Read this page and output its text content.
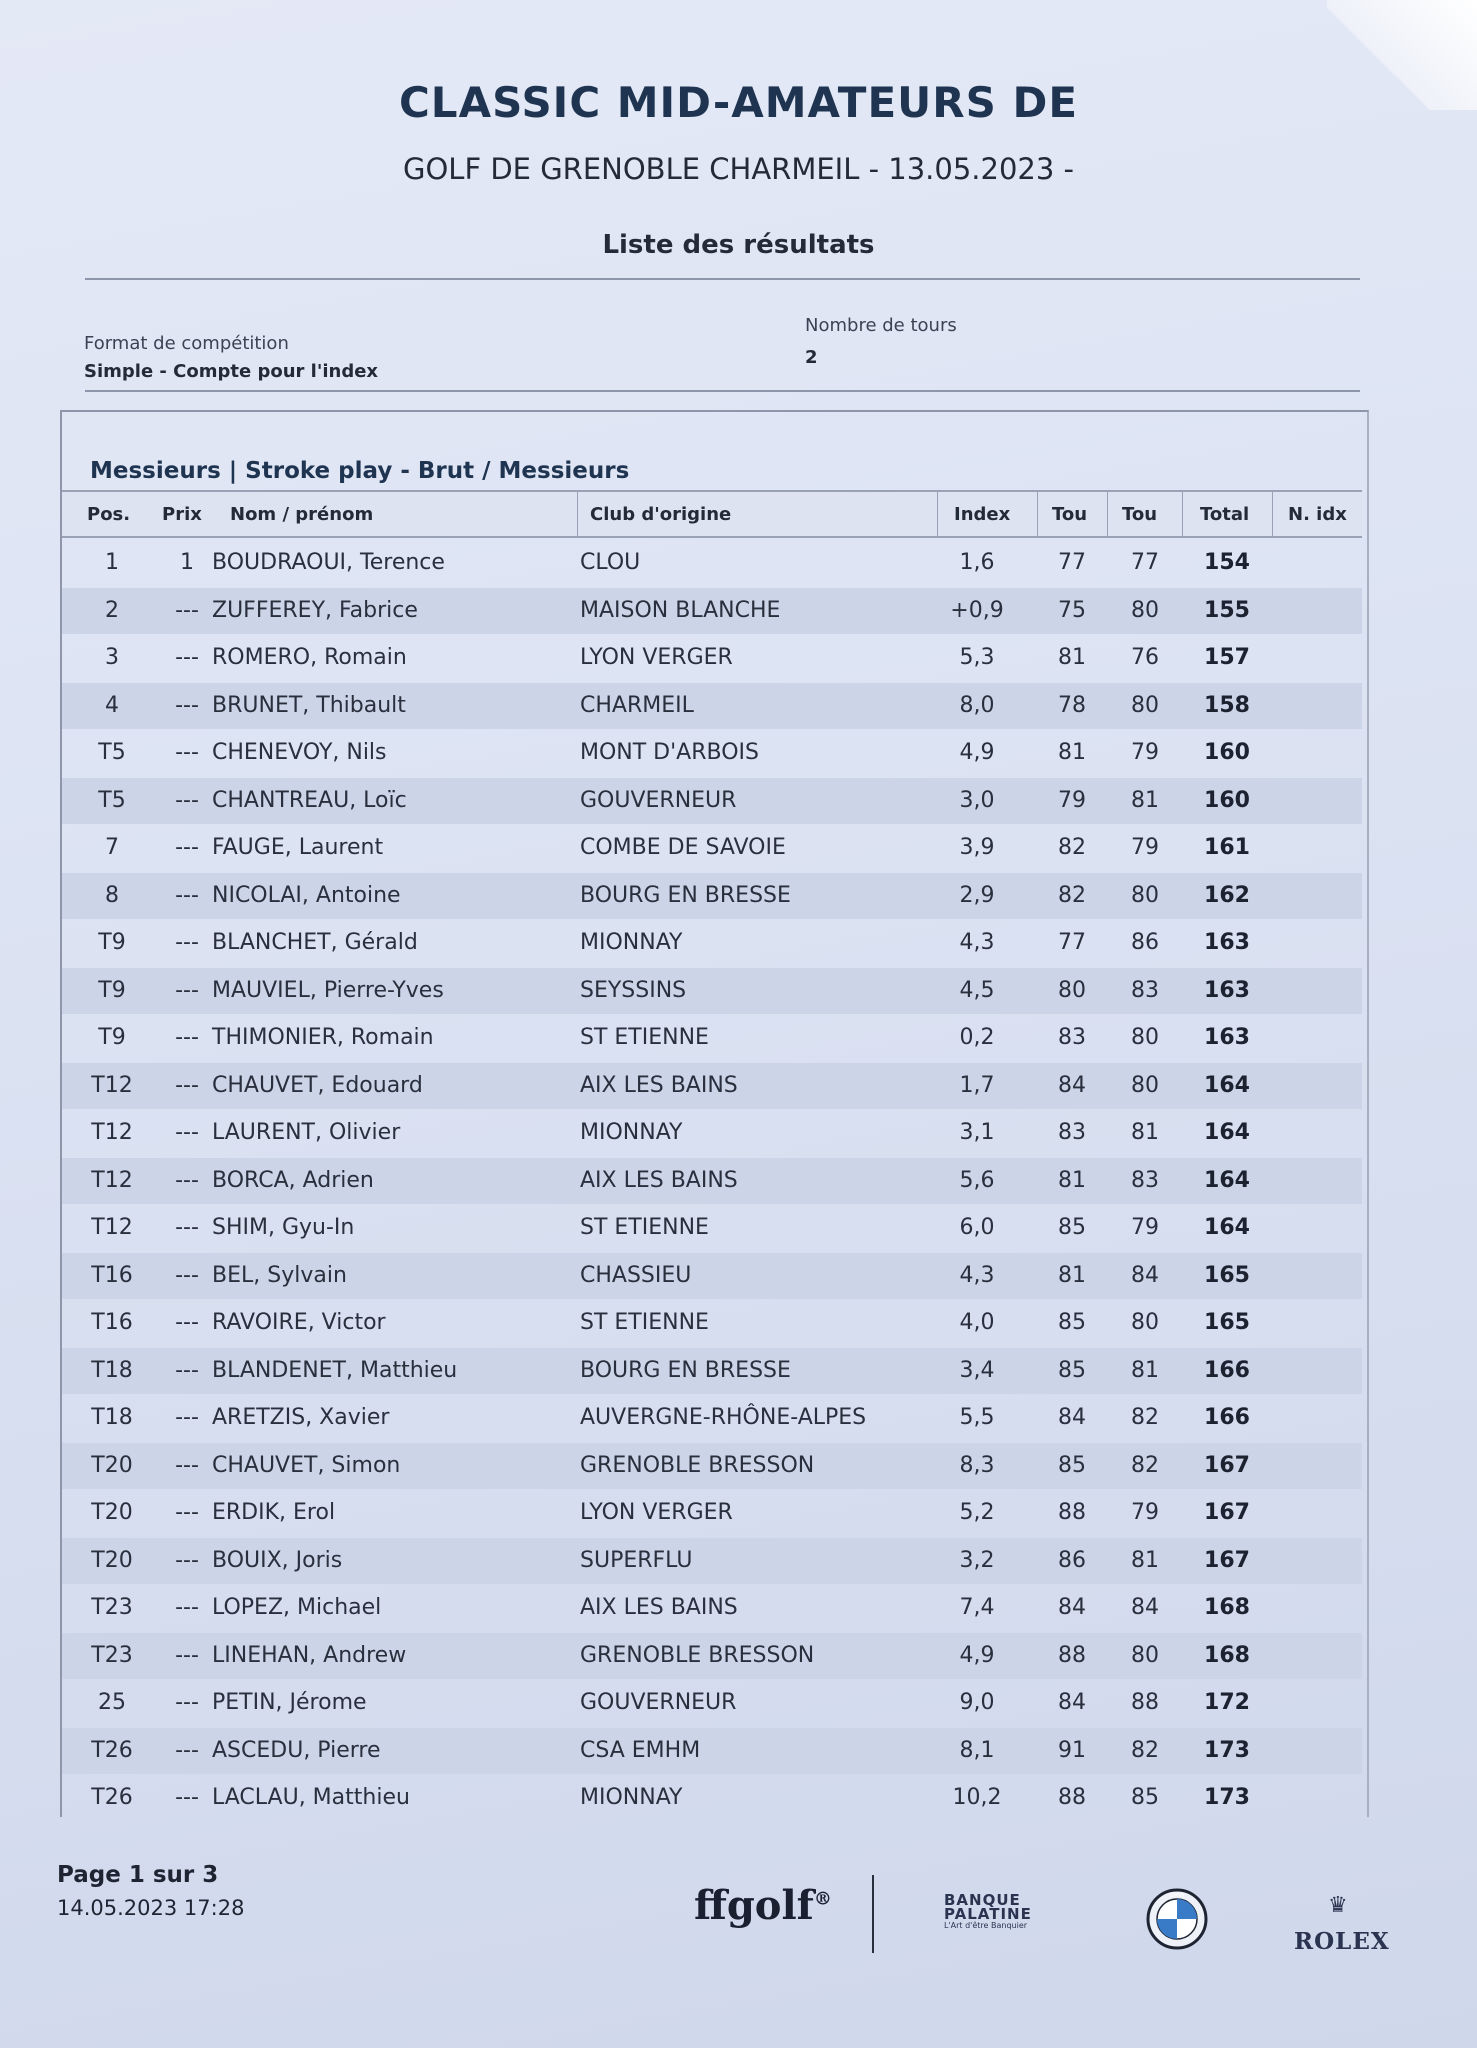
CLASSIC MID-AMATEURS DE
GOLF DE GRENOBLE CHARMEIL - 13.05.2023 -
Liste des résultats
Format de compétition
Simple - Compte pour l'index
Nombre de tours
2
Messieurs | Stroke play - Brut / Messieurs
Pos. Prix Nom / prénom	Club d'origine	Index Tou Tou Total N. idx
1	1 BOUDRAOUI, Terence	CLOU	1,6	77	77	154
2	--- ZUFFEREY, Fabrice	MAISON BLANCHE	+0,9	75	80	155
3	--- ROMERO, Romain	LYON VERGER	5,3	81	76	157
4	--- BRUNET, Thibault	CHARMEIL	8,0	78	80	158
T5	--- CHENEVOY, Nils	MONT D'ARBOIS	4,9	81	79	160
T5	--- CHANTREAU, Loïc	GOUVERNEUR	3,0	79	81	160
7	--- FAUGE, Laurent	COMBE DE SAVOIE	3,9	82	79	161
8	--- NICOLAI, Antoine	BOURG EN BRESSE	2,9	82	80	162
T9	--- BLANCHET, Gérald	MIONNAY	4,3	77	86	163
T9	--- MAUVIEL, Pierre-Yves	SEYSSINS	4,5	80	83	163
T9	--- THIMONIER, Romain	ST ETIENNE	0,2	83	80	163
T12	--- CHAUVET, Edouard	AIX LES BAINS	1,7	84	80	164
T12	--- LAURENT, Olivier	MIONNAY	3,1	83	81	164
T12	--- BORCA, Adrien	AIX LES BAINS	5,6	81	83	164
T12	--- SHIM, Gyu-In	ST ETIENNE	6,0	85	79	164
T16	--- BEL, Sylvain	CHASSIEU	4,3	81	84	165
T16	--- RAVOIRE, Victor	ST ETIENNE	4,0	85	80	165
T18	--- BLANDENET, Matthieu	BOURG EN BRESSE	3,4	85	81	166
T18	--- ARETZIS, Xavier	AUVERGNE-RHÔNE-ALPES	5,5	84	82	166
T20	--- CHAUVET, Simon	GRENOBLE BRESSON	8,3	85	82	167
T20	--- ERDIK, Erol	LYON VERGER	5,2	88	79	167
T20	--- BOUIX, Joris	SUPERFLU	3,2	86	81	167
T23	--- LOPEZ, Michael	AIX LES BAINS	7,4	84	84	168
T23	--- LINEHAN, Andrew	GRENOBLE BRESSON	4,9	88	80	168
25	--- PETIN, Jérome	GOUVERNEUR	9,0	84	88	172
T26	--- ASCEDU, Pierre	CSA EMHM	8,1	91	82	173
T26	--- LACLAU, Matthieu	MIONNAY	10,2	88	85	173
Page 1 sur 3
14.05.2023 17:28	ffgolf®	BANQUE
PALATINE
L'Art d'être Banquier
BMW	♛
ROLEX
